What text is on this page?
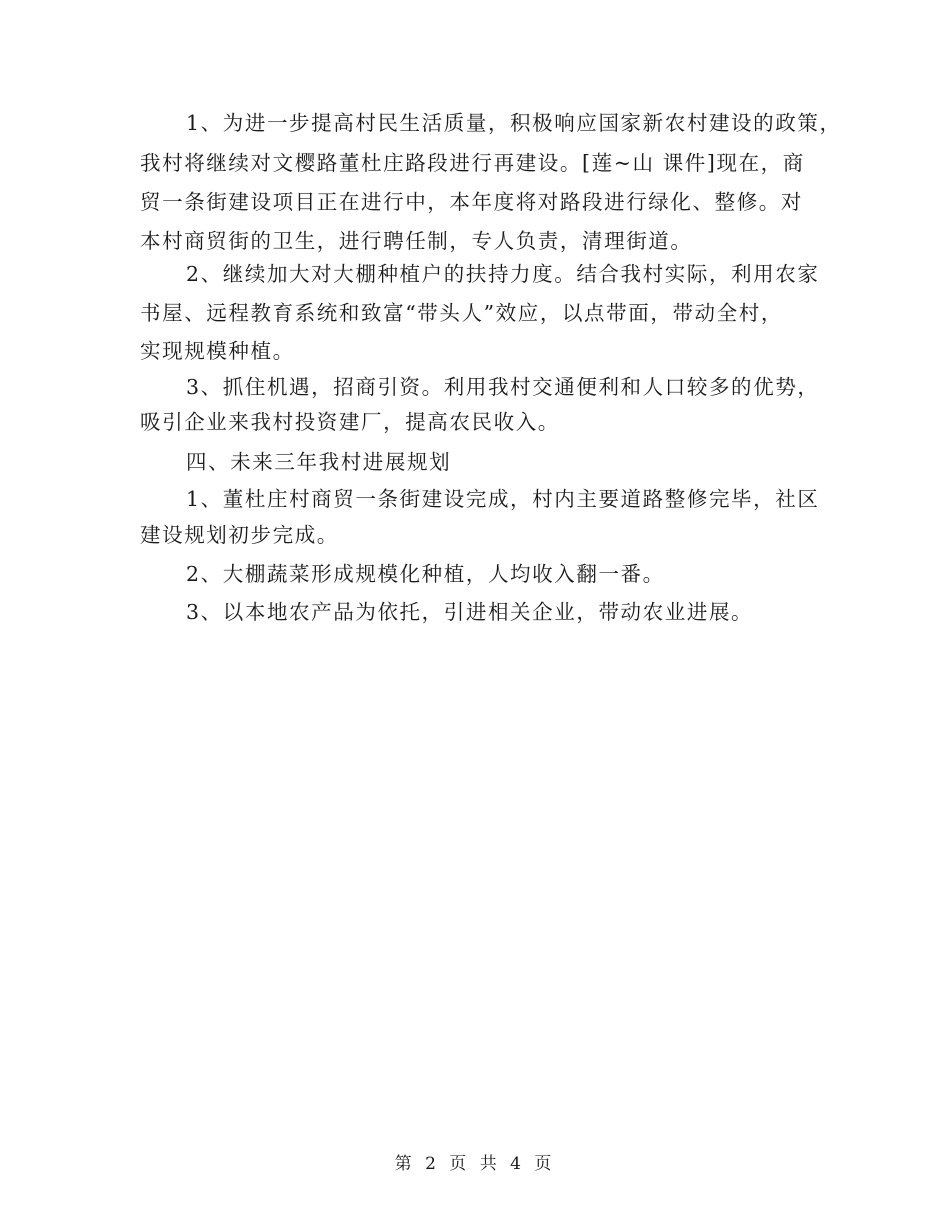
1、为进一步提高村民生活质量，积极响应国家新农村建设的政策，
我村将继续对文樱路董杜庄路段进行再建设。[莲~山 课件]现在，商
贸一条街建设项目正在进行中，本年度将对路段进行绿化、整修。对
本村商贸街的卫生，进行聘任制，专人负责，清理街道。
2、继续加大对大棚种植户的扶持力度。结合我村实际，利用农家
书屋、远程教育系统和致富“带头人”效应，以点带面，带动全村，
实现规模种植。
3、抓住机遇，招商引资。利用我村交通便利和人口较多的优势，
吸引企业来我村投资建厂，提高农民收入。
四、未来三年我村进展规划
1、董杜庄村商贸一条街建设完成，村内主要道路整修完毕，社区
建设规划初步完成。
2、大棚蔬菜形成规模化种植，人均收入翻一番。
3、以本地农产品为依托，引进相关企业，带动农业进展。
第 2 页 共 4 页
